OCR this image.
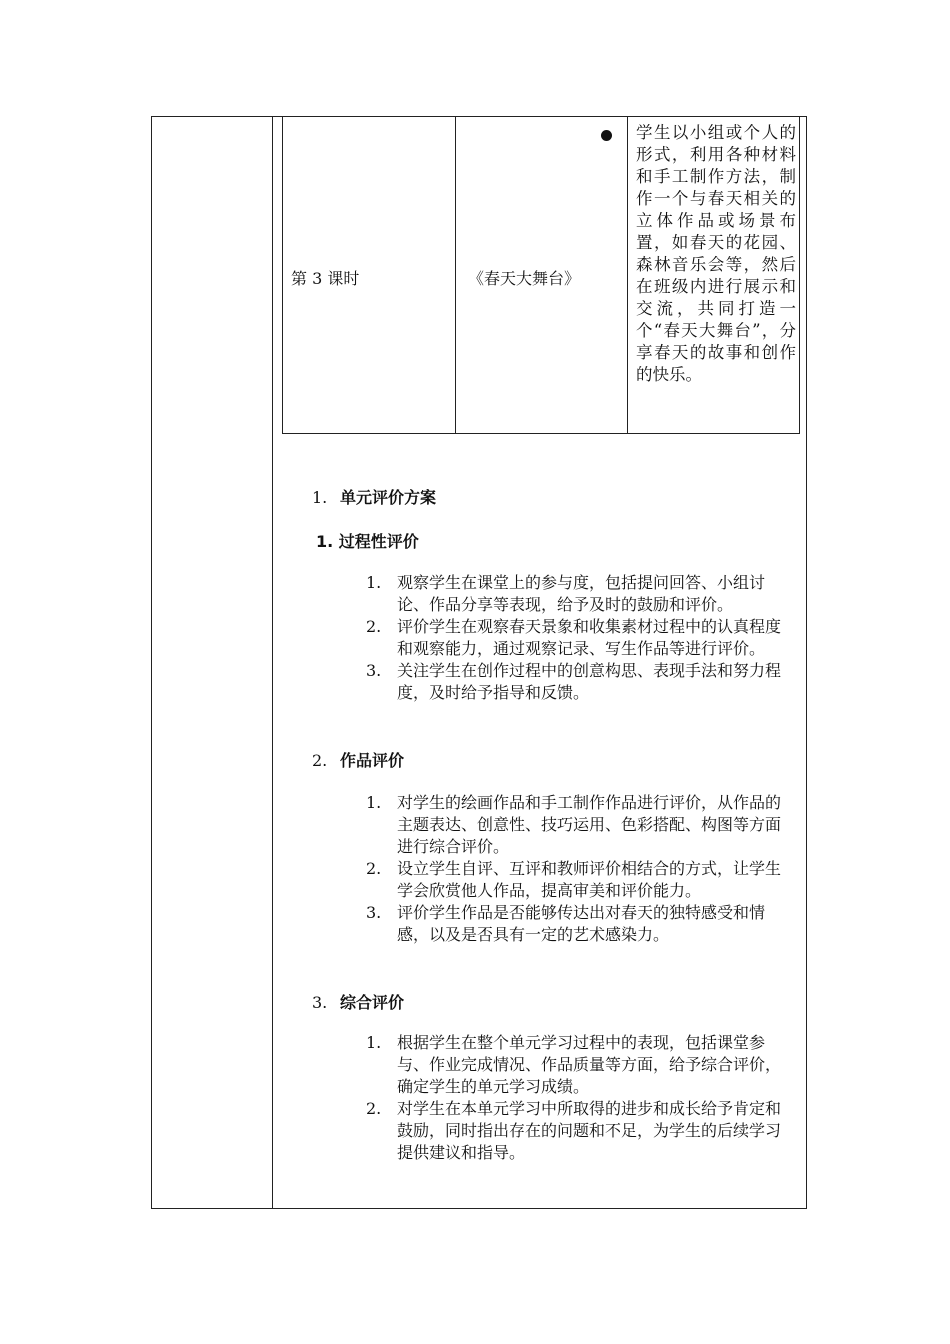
第 3 课时	《春天大舞台》
学生以小组或个人的形式，利用各种材料和手工制作方法，制作一个与春天相关的立体作品或场景布置，如春天的花园、森林音乐会等，然后在班级内进行展示和交流，共同打造一个“春天大舞台”，分享春天的故事和创作的快乐。
1. 单元评价方案
1. 过程性评价
1. 观察学生在课堂上的参与度，包括提问回答、小组讨论、作品分享等表现，给予及时的鼓励和评价。
2. 评价学生在观察春天景象和收集素材过程中的认真程度和观察能力，通过观察记录、写生作品等进行评价。
3. 关注学生在创作过程中的创意构思、表现手法和努力程度，及时给予指导和反馈。
2. 作品评价
1. 对学生的绘画作品和手工制作作品进行评价，从作品的主题表达、创意性、技巧运用、色彩搭配、构图等方面进行综合评价。
2. 设立学生自评、互评和教师评价相结合的方式，让学生学会欣赏他人作品，提高审美和评价能力。
3. 评价学生作品是否能够传达出对春天的独特感受和情感，以及是否具有一定的艺术感染力。
3. 综合评价
1. 根据学生在整个单元学习过程中的表现，包括课堂参与、作业完成情况、作品质量等方面，给予综合评价，确定学生的单元学习成绩。
2. 对学生在本单元学习中所取得的进步和成长给予肯定和鼓励，同时指出存在的问题和不足，为学生的后续学习提供建议和指导。
